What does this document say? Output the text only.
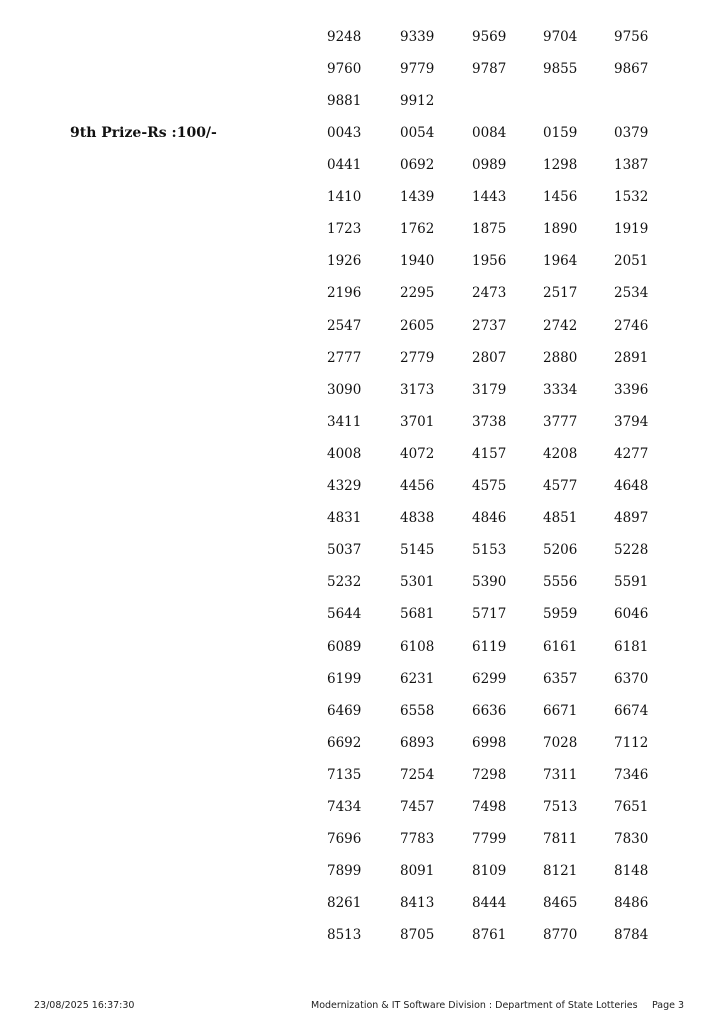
9248	9339	9569	9704	9756
9760	9779	9787	9855	9867
9881	9912
9th Prize-Rs :100/-	0043	0054	0084	0159	0379
0441	0692	0989	1298	1387
1410	1439	1443	1456	1532
1723	1762	1875	1890	1919
1926	1940	1956	1964	2051
2196	2295	2473	2517	2534
2547	2605	2737	2742	2746
2777	2779	2807	2880	2891
3090	3173	3179	3334	3396
3411	3701	3738	3777	3794
4008	4072	4157	4208	4277
4329	4456	4575	4577	4648
4831	4838	4846	4851	4897
5037	5145	5153	5206	5228
5232	5301	5390	5556	5591
5644	5681	5717	5959	6046
6089	6108	6119	6161	6181
6199	6231	6299	6357	6370
6469	6558	6636	6671	6674
6692	6893	6998	7028	7112
7135	7254	7298	7311	7346
7434	7457	7498	7513	7651
7696	7783	7799	7811	7830
7899	8091	8109	8121	8148
8261	8413	8444	8465	8486
8513	8705	8761	8770	8784
23/08/2025 16:37:30	Modernization & IT Software Division : Department of State Lotteries Page 3
